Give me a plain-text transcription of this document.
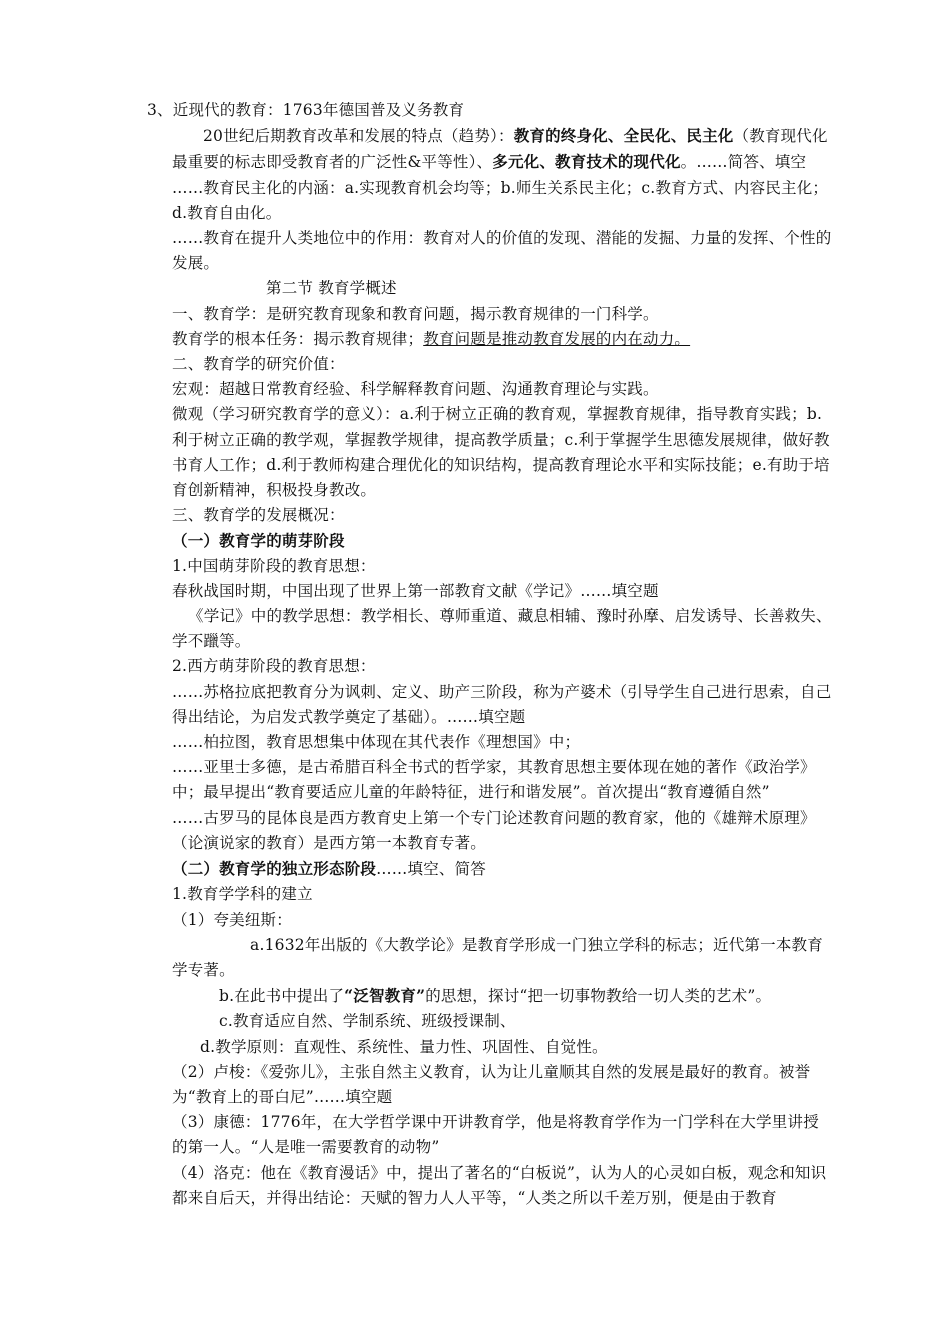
3、近现代的教育：1763年德国普及义务教育

20世纪后期教育改革和发展的特点（趋势）：教育的终身化、全民化、民主化（教育现代化最重要的标志即受教育者的广泛性&平等性）、多元化、教育技术的现代化。……简答、填空

……教育民主化的内涵：a.实现教育机会均等；b.师生关系民主化；c.教育方式、内容民主化；d.教育自由化。

……教育在提升人类地位中的作用：教育对人的价值的发现、潜能的发掘、力量的发挥、个性的发展。

第二节 教育学概述

一、教育学：是研究教育现象和教育问题，揭示教育规律的一门科学。

教育学的根本任务：揭示教育规律；教育问题是推动教育发展的内在动力。

二、教育学的研究价值：

宏观：超越日常教育经验、科学解释教育问题、沟通教育理论与实践。

微观（学习研究教育学的意义）：a.利于树立正确的教育观，掌握教育规律，指导教育实践；b.利于树立正确的教学观，掌握教学规律，提高教学质量；c.利于掌握学生思德发展规律，做好教书育人工作；d.利于教师构建合理优化的知识结构，提高教育理论水平和实际技能；e.有助于培育创新精神，积极投身教改。

三、教育学的发展概况：

（一）教育学的萌芽阶段

1.中国萌芽阶段的教育思想：

春秋战国时期，中国出现了世界上第一部教育文献《学记》……填空题

《学记》中的教学思想：教学相长、尊师重道、藏息相辅、豫时孙摩、启发诱导、长善救失、学不躐等。

2.西方萌芽阶段的教育思想：

……苏格拉底把教育分为讽刺、定义、助产三阶段，称为产婆术（引导学生自己进行思索，自己得出结论，为启发式教学奠定了基础）。……填空题

……柏拉图，教育思想集中体现在其代表作《理想国》中；

……亚里士多德，是古希腊百科全书式的哲学家，其教育思想主要体现在她的著作《政治学》中；最早提出“教育要适应儿童的年龄特征，进行和谐发展”。首次提出“教育遵循自然”

……古罗马的昆体良是西方教育史上第一个专门论述教育问题的教育家，他的《雄辩术原理》（论演说家的教育）是西方第一本教育专著。

（二）教育学的独立形态阶段……填空、简答

1.教育学学科的建立

（1）夸美纽斯：

a.1632年出版的《大教学论》是教育学形成一门独立学科的标志；近代第一本教育学专著。

b.在此书中提出了“泛智教育”的思想，探讨“把一切事物教给一切人类的艺术”。

c.教育适应自然、学制系统、班级授课制、

d.教学原则：直观性、系统性、量力性、巩固性、自觉性。

（2）卢梭：《爱弥儿》，主张自然主义教育，认为让儿童顺其自然的发展是最好的教育。被誉为“教育上的哥白尼”……填空题

（3）康德：1776年，在大学哲学课中开讲教育学，他是将教育学作为一门学科在大学里讲授的第一人。“人是唯一需要教育的动物”

（4）洛克：他在《教育漫话》中，提出了著名的“白板说”，认为人的心灵如白板，观念和知识都来自后天，并得出结论：天赋的智力人人平等，“人类之所以千差万别，便是由于教育
